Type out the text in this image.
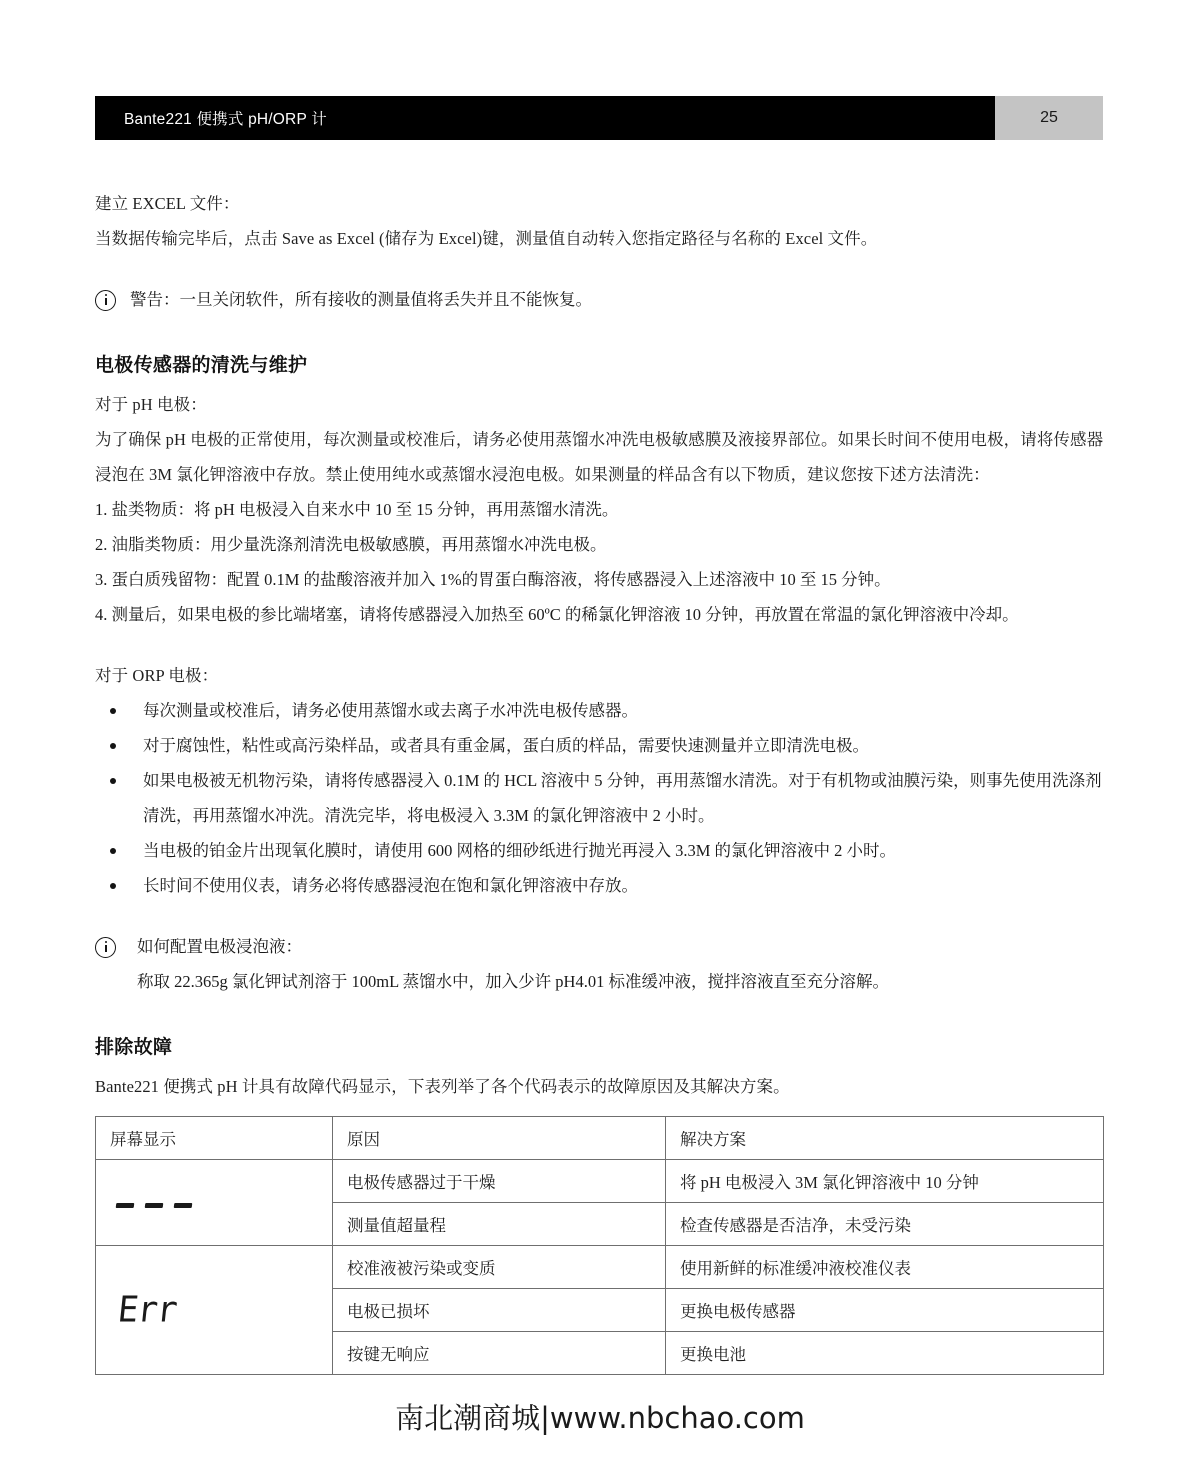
Bante221 便携式 pH/ORP 计	25

建立 EXCEL 文件：

当数据传输完毕后，点击 Save as Excel (储存为 Excel)键，测量值自动转入您指定路径与名称的 Excel 文件。

警告：一旦关闭软件，所有接收的测量值将丢失并且不能恢复。

电极传感器的清洗与维护

对于 pH 电极：

为了确保 pH 电极的正常使用，每次测量或校准后，请务必使用蒸馏水冲洗电极敏感膜及液接界部位。如果长时间不使用电极，请将传感器浸泡在 3M 氯化钾溶液中存放。禁止使用纯水或蒸馏水浸泡电极。如果测量的样品含有以下物质，建议您按下述方法清洗：

1. 盐类物质：将 pH 电极浸入自来水中 10 至 15 分钟，再用蒸馏水清洗。
2. 油脂类物质：用少量洗涤剂清洗电极敏感膜，再用蒸馏水冲洗电极。
3. 蛋白质残留物：配置 0.1M 的盐酸溶液并加入 1%的胃蛋白酶溶液，将传感器浸入上述溶液中 10 至 15 分钟。
4. 测量后，如果电极的参比端堵塞，请将传感器浸入加热至 60ºC 的稀氯化钾溶液 10 分钟，再放置在常温的氯化钾溶液中冷却。

对于 ORP 电极：

每次测量或校准后，请务必使用蒸馏水或去离子水冲洗电极传感器。
对于腐蚀性，粘性或高污染样品，或者具有重金属，蛋白质的样品，需要快速测量并立即清洗电极。
如果电极被无机物污染，请将传感器浸入 0.1M 的 HCL 溶液中 5 分钟，再用蒸馏水清洗。对于有机物或油膜污染，则事先使用洗涤剂清洗，再用蒸馏水冲洗。清洗完毕，将电极浸入 3.3M 的氯化钾溶液中 2 小时。
当电极的铂金片出现氧化膜时，请使用 600 网格的细砂纸进行抛光再浸入 3.3M 的氯化钾溶液中 2 小时。
长时间不使用仪表，请务必将传感器浸泡在饱和氯化钾溶液中存放。

如何配置电极浸泡液：

称取 22.365g 氯化钾试剂溶于 100mL 蒸馏水中，加入少许 pH4.01 标准缓冲液，搅拌溶液直至充分溶解。

排除故障

Bante221 便携式 pH 计具有故障代码显示，下表列举了各个代码表示的故障原因及其解决方案。

屏幕显示	原因	解决方案

	电极传感器过于干燥	将 pH 电极浸入 3M 氯化钾溶液中 10 分钟
	测量值超量程	检查传感器是否洁净，未受污染
Err	校准液被污染或变质	使用新鲜的标准缓冲液校准仪表
	电极已损坏	更换电极传感器
	按键无响应	更换电池
南北潮商城|www.nbchao.com
